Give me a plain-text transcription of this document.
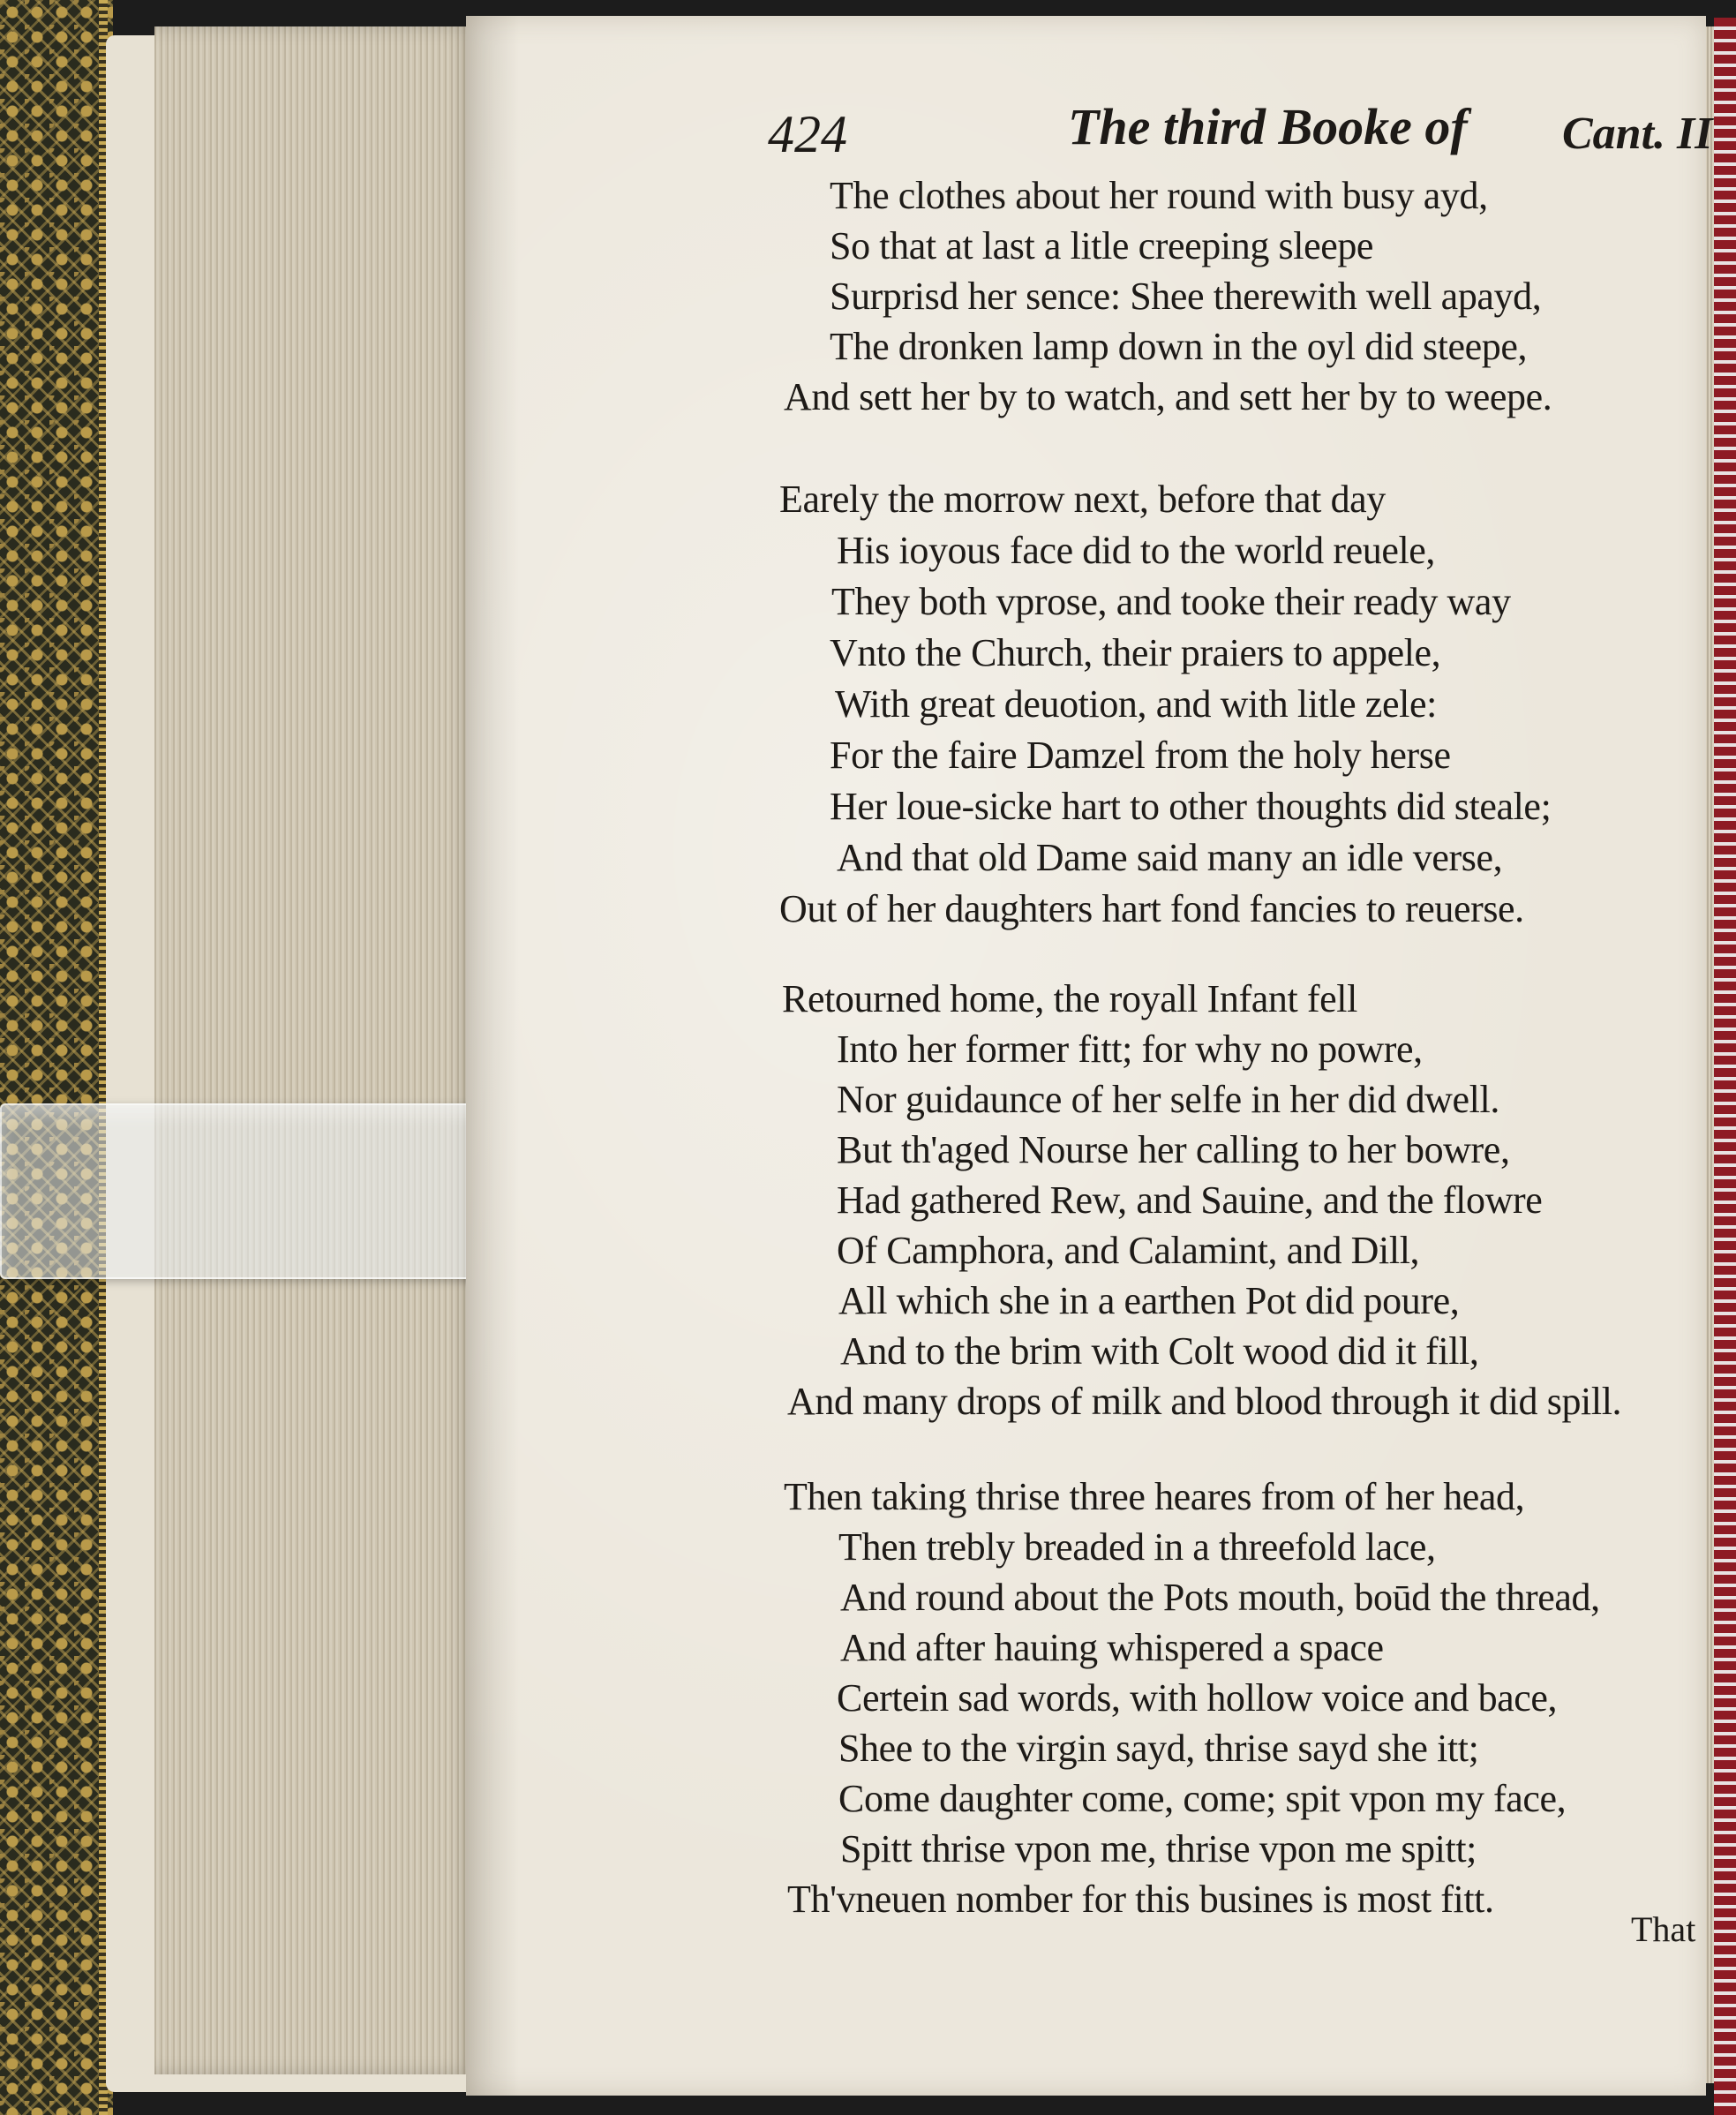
424	The third Booke of Cant. II
The clothes about her round with busy ayd,
So that at last a litle creeping sleepe
Surprisd her sence: Shee therewith well apayd,
The dronken lamp down in the oyl did steepe,
And sett her by to watch, and sett her by to weepe.
Earely the morrow next, before that day
His ioyous face did to the world reuele,
They both vprose, and tooke their ready way
Vnto the Church, their praiers to appele,
With great deuotion, and with litle zele:
For the faire Damzel from the holy herse
Her loue-sicke hart to other thoughts did steale;
And that old Dame said many an idle verse,
Out of her daughters hart fond fancies to reuerse.
Retourned home, the royall Infant fell
Into her former fitt; for why no powre,
Nor guidaunce of her selfe in her did dwell.
But th'aged Nourse her calling to her bowre,
Had gathered Rew, and Sauine, and the flowre
Of Camphora, and Calamint, and Dill,
All which she in a earthen Pot did poure,
And to the brim with Colt wood did it fill,
And many drops of milk and blood through it did spill.
Then taking thrise three heares from of her head,
Then trebly breaded in a threefold lace,
And round about the Pots mouth, boūd the thread,
And after hauing whispered a space
Certein sad words, with hollow voice and bace,
Shee to the virgin sayd, thrise sayd she itt;
Come daughter come, come; spit vpon my face,
Spitt thrise vpon me, thrise vpon me spitt;
Th'vneuen nomber for this busines is most fitt.
That
